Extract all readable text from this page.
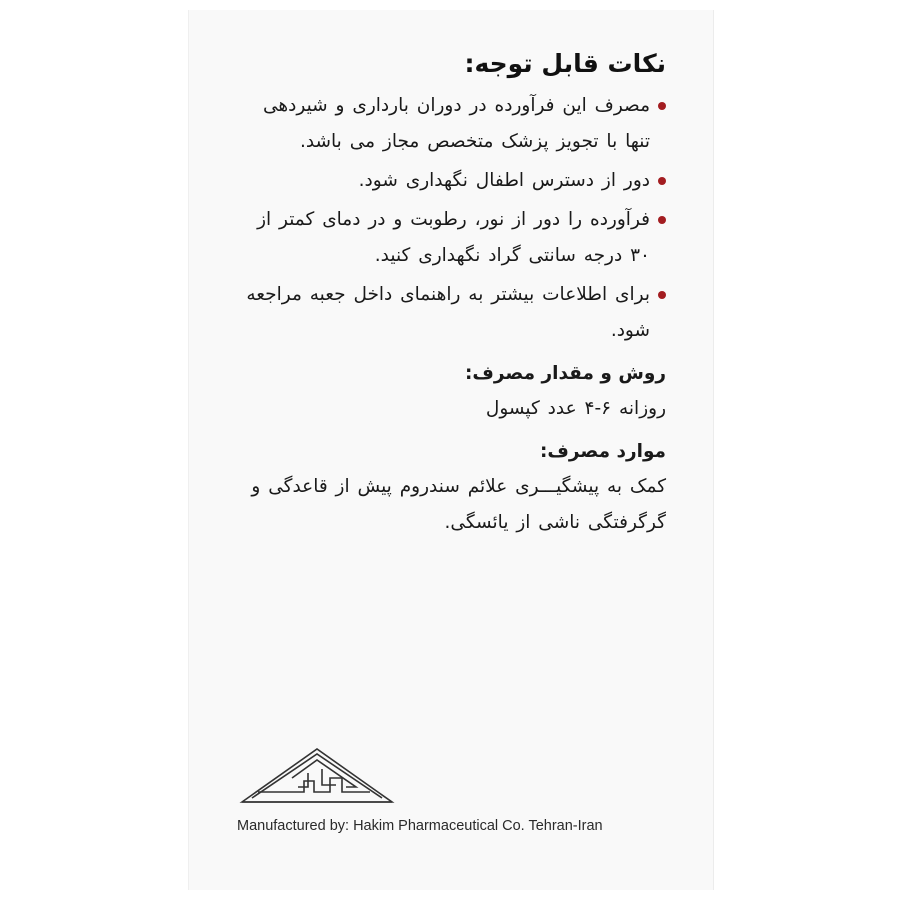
نکات قابل توجه:
مصرف این فرآورده در دوران بارداری و شیردهی تنها با تجویز پزشک متخصص مجاز می باشد.
دور از دسترس اطفال نگهداری شود.
فرآورده را دور از نور، رطوبت و در دمای کمتر از ۳۰ درجه سانتی گراد نگهداری کنید.
برای اطلاعات بیشتر به راهنمای داخل جعبه مراجعه شود.
روش و مقدار مصرف:
روزانه ۶-۴ عدد کپسول
موارد مصرف:
کمک به پیشگیـــری علائم سندروم پیش از قاعدگی و گرگرفتگی ناشی از یائسگی.
Manufactured by: Hakim Pharmaceutical Co. Tehran-Iran
